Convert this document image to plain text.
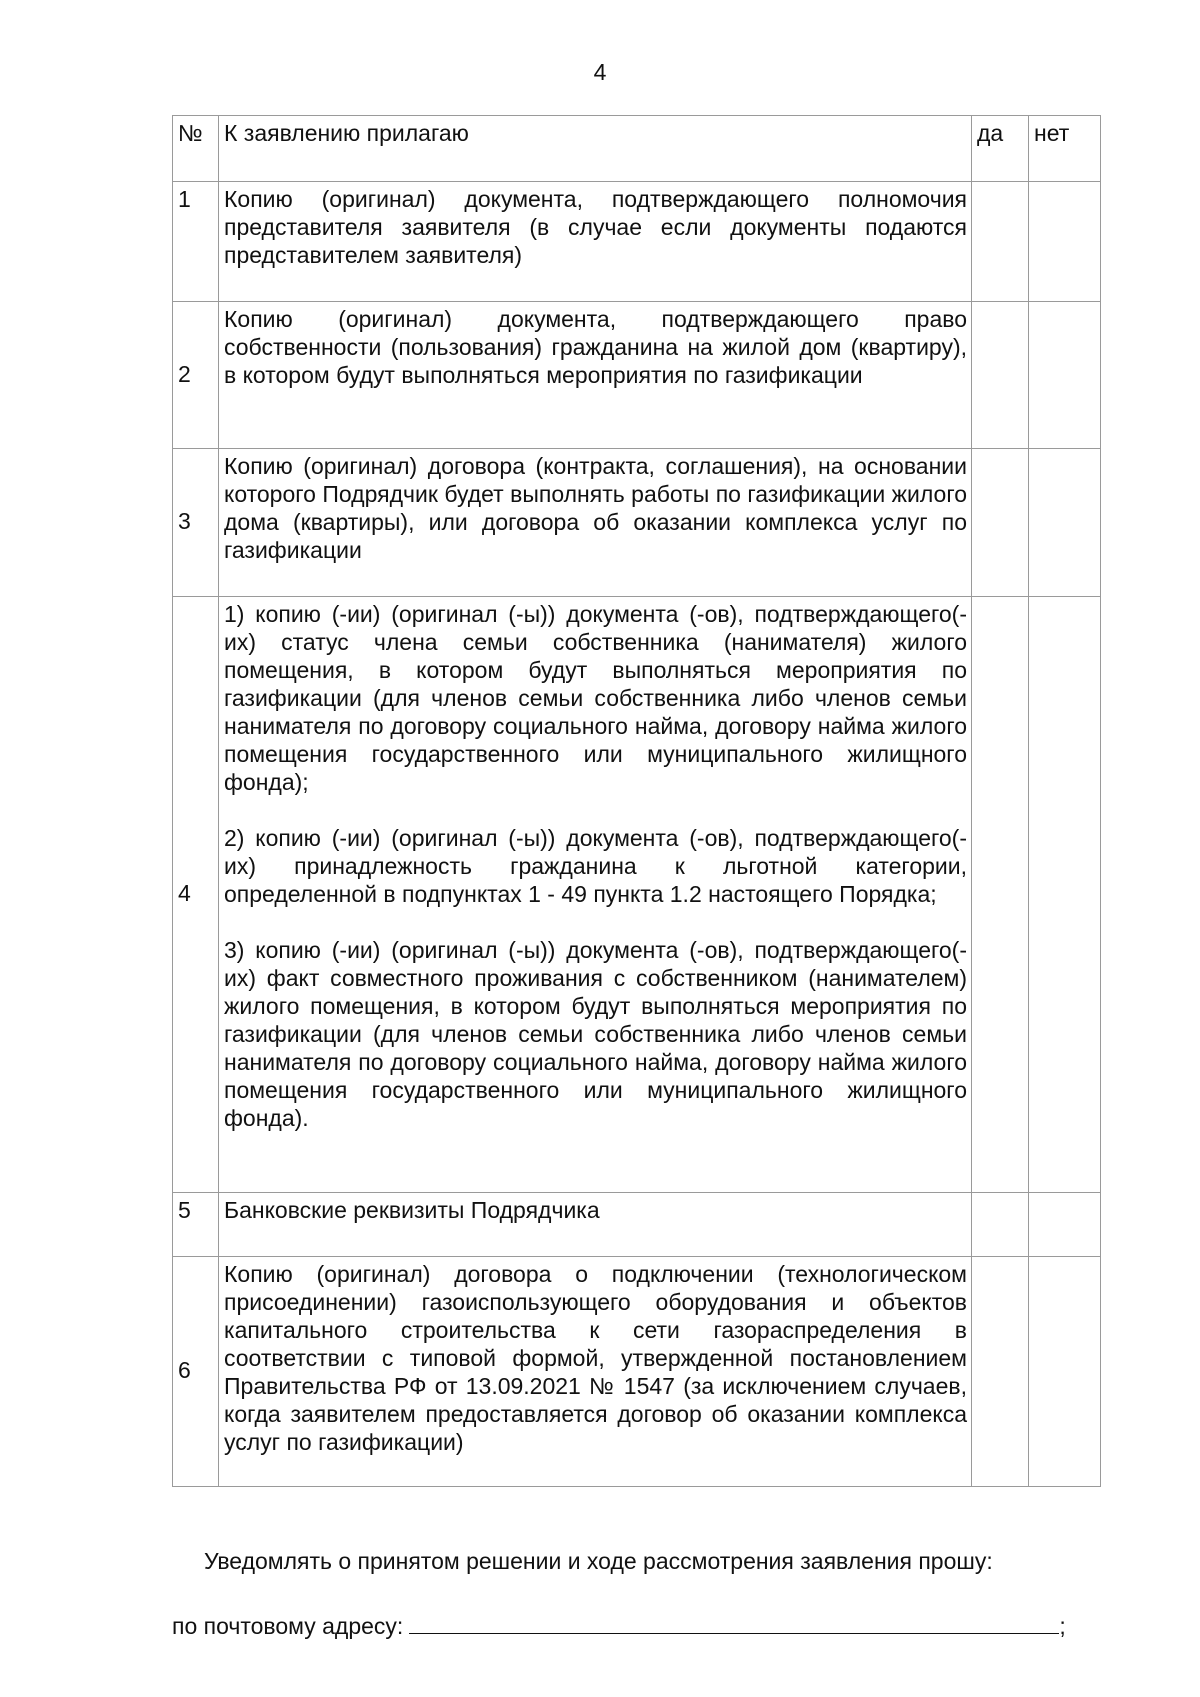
4
№	К заявлению прилагаю	да	нет
1	Копию (оригинал) документа, подтверждающего полномочия представителя заявителя (в случае если документы подаются представителем заявителя)		

2	Копию (оригинал) документа, подтверждающего право собственности (пользования) гражданина на жилой дом (квартиру), в котором будут выполняться мероприятия по газификации		

3	Копию (оригинал) договора (контракта, соглашения), на основании которого Подрядчик будет выполнять работы по газификации жилого дома (квартиры), или договора об оказании комплекса услуг по газификации		

4	1) копию (-ии) (оригинал (-ы)) документа (-ов), подтверждающего(-их) статус члена семьи собственника (нанимателя) жилого помещения, в котором будут выполняться мероприятия по газификации (для членов семьи собственника либо членов семьи нанимателя по договору социального найма, договору найма жилого помещения государственного или муниципального жилищного фонда);

2) копию (-ии) (оригинал (-ы)) документа (-ов), подтверждающего(-их) принадлежность гражданина к льготной категории, определенной в подпунктах 1 - 49 пункта 1.2 настоящего Порядка;

3) копию (-ии) (оригинал (-ы)) документа (-ов), подтверждающего(-их) факт совместного проживания с собственником (нанимателем) жилого помещения, в котором будут выполняться мероприятия по газификации (для членов семьи собственника либо членов семьи нанимателя по договору социального найма, договору найма жилого помещения государственного или муниципального жилищного фонда).		

5	Банковские реквизиты Подрядчика		

6	Копию (оригинал) договора о подключении (технологическом присоединении) газоиспользующего оборудования и объектов капитального строительства к сети газораспределения в соответствии с типовой формой, утвержденной постановлением Правительства РФ от 13.09.2021 № 1547 (за исключением случаев, когда заявителем предоставляется договор об оказании комплекса услуг по газификации)		

Уведомлять о принятом решении и ходе рассмотрения заявления прошу:
по почтовому адресу:	;
